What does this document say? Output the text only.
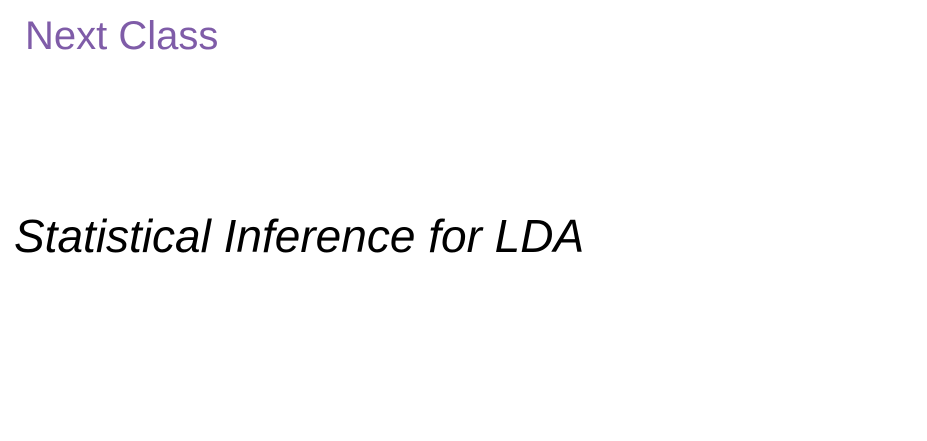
Next Class

Statistical Inference for LDA
